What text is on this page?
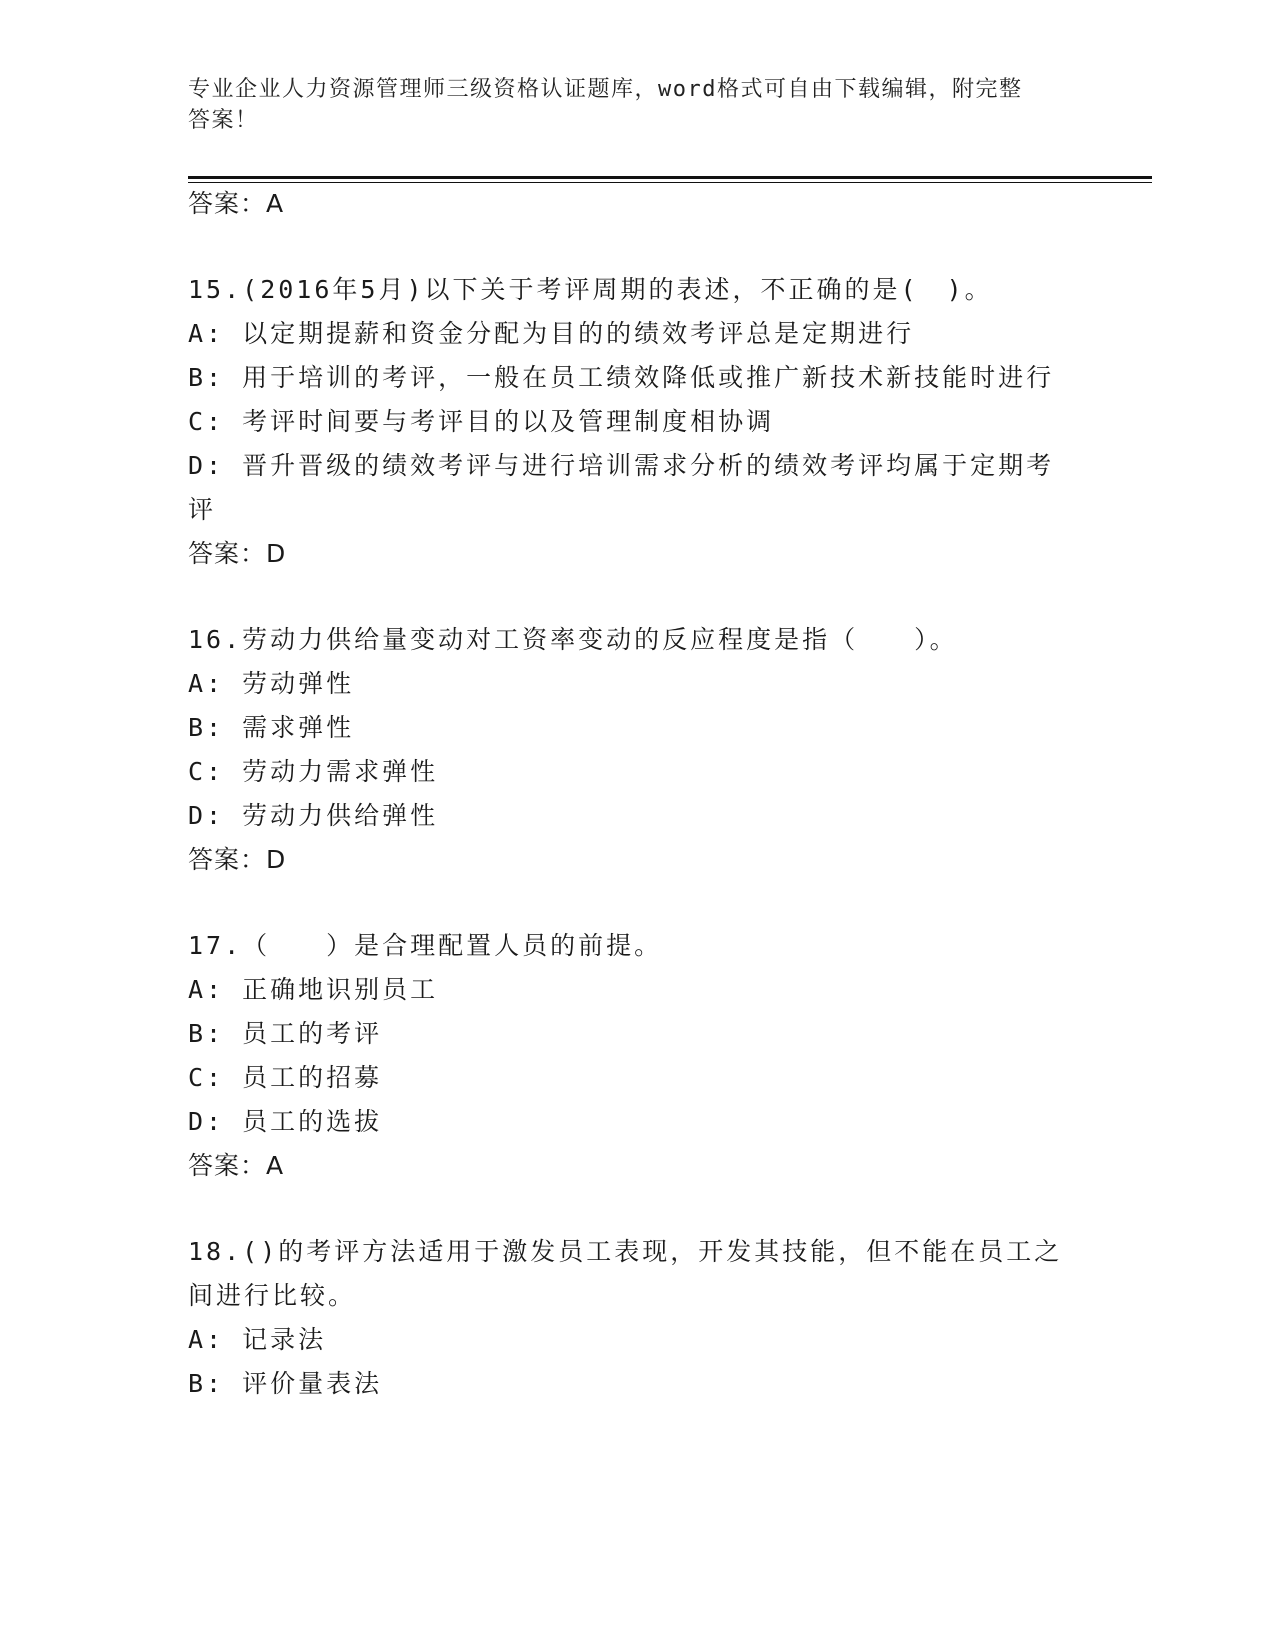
专业企业人力资源管理师三级资格认证题库，word格式可自由下载编辑，附完整
答案！
答案：A
15.(2016年5月)以下关于考评周期的表述，不正确的是(　)。
A: 以定期提薪和资金分配为目的的绩效考评总是定期进行
B: 用于培训的考评，一般在员工绩效降低或推广新技术新技能时进行
C: 考评时间要与考评目的以及管理制度相协调
D: 晋升晋级的绩效考评与进行培训需求分析的绩效考评均属于定期考
评
答案：D
16.劳动力供给量变动对工资率变动的反应程度是指（　　）。
A: 劳动弹性
B: 需求弹性
C: 劳动力需求弹性
D: 劳动力供给弹性
答案：D
17.（　　）是合理配置人员的前提。
A: 正确地识别员工
B: 员工的考评
C: 员工的招募
D: 员工的选拔
答案：A
18.()的考评方法适用于激发员工表现，开发其技能，但不能在员工之
间进行比较。
A: 记录法
B: 评价量表法
